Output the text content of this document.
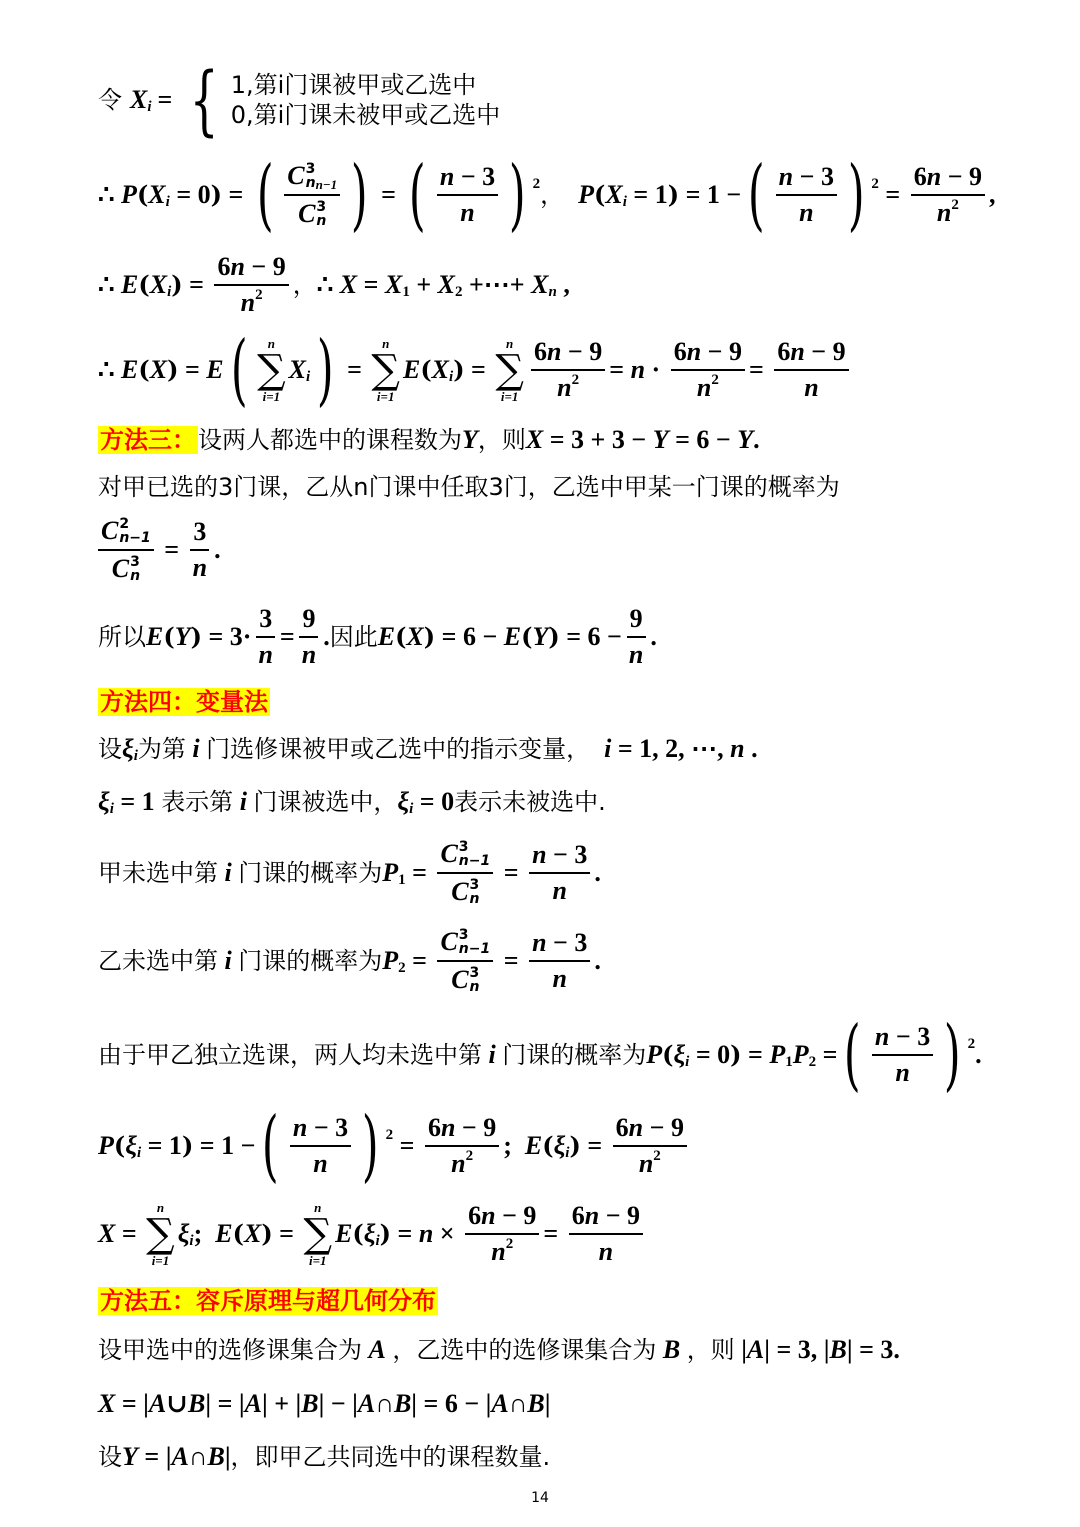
令 X i = { 1,第i门课被甲或乙选中
0,第i门课未被甲或乙选中
∴ P ( X i = 0 ) = ( C 3
n n−1
C 3
n ) = ( $\frac{n - 3}{n}$ ) 2 ， P ( X i = 1 ) = 1 − ( $\frac{n - 3}{n}$ ) $2 = \frac{6 n - 9}{n 2}$ ,
∴ E ( X i ) = $\frac{6 n - 9}{n 2}$ ， ∴ X = X 1 + X 2 +⋯+ X n ,
∴ E ( X ) = E ( n
∑
i=1
X i ) =
n
∑
i=1
E ( X i ) =
n
∑
$i=1 \frac{6 n - 9}{n 2} = n \cdot \frac{6 n - 9}{n 2} = \frac{6 n - 9}{n}$
方法三： 设两人都选中的课程数为 Y ，则 X = 3 + 3 − Y = 6 − Y .
对甲已选的3门课，乙从n门课中任取3门，乙选中甲某一门课的概率为
C 2
n−1
C 3
$n = \frac{3}{n}$ .
所以 E ( Y ) = $3\cdot \frac{3}{n} = \frac{9}{n}$ . 因此 E ( X ) = 6 − E ( Y ) = $6 - \frac{9}{n}$ .
方法四：变量法
设 ξ i 为第 i 门选修课被甲或乙选中的指示变量， i = 1, 2, ⋯, n .
ξ i = 1 表示第 i 门课被选中， ξ i = 0 表示未被选中.
甲未选中第 i 门课的概率为 P 1 = C 3
n−1
C 3
$n = \frac{n - 3}{n}$ .
乙未选中第 i 门课的概率为 P 2 = C 3
n−1
C 3
$n = \frac{n - 3}{n}$ .
由于甲乙独立选课，两人均未选中第 i 门课的概率为 P ( ξ i = 0 ) = P 1 P 2 = ( $\frac{n - 3}{n}$ ) 2 .
P ( ξ i = 1 ) = 1 − ( $\frac{n - 3}{n}$ ) $2 = \frac{6 n - 9}{n 2}$ ; E ( ξ i ) = $\frac{6 n - 9}{n 2}$
X =
n
∑
i=1
ξ i ; E ( X ) =
n
∑
i=1
E ( ξ i ) = $n \times \frac{6 n - 9}{n 2} = \frac{6 n - 9}{n}$
方法五：容斥原理与超几何分布
设甲选中的选修课集合为 A ，乙选中的选修课集合为 B ，则 | A | = 3, | B | = 3.
X = | A ∪ B | = | A | + | B | − | A ∩ B | = 6 − | A ∩ B |
设 Y = | A ∩ B | ，即甲乙共同选中的课程数量.
14
